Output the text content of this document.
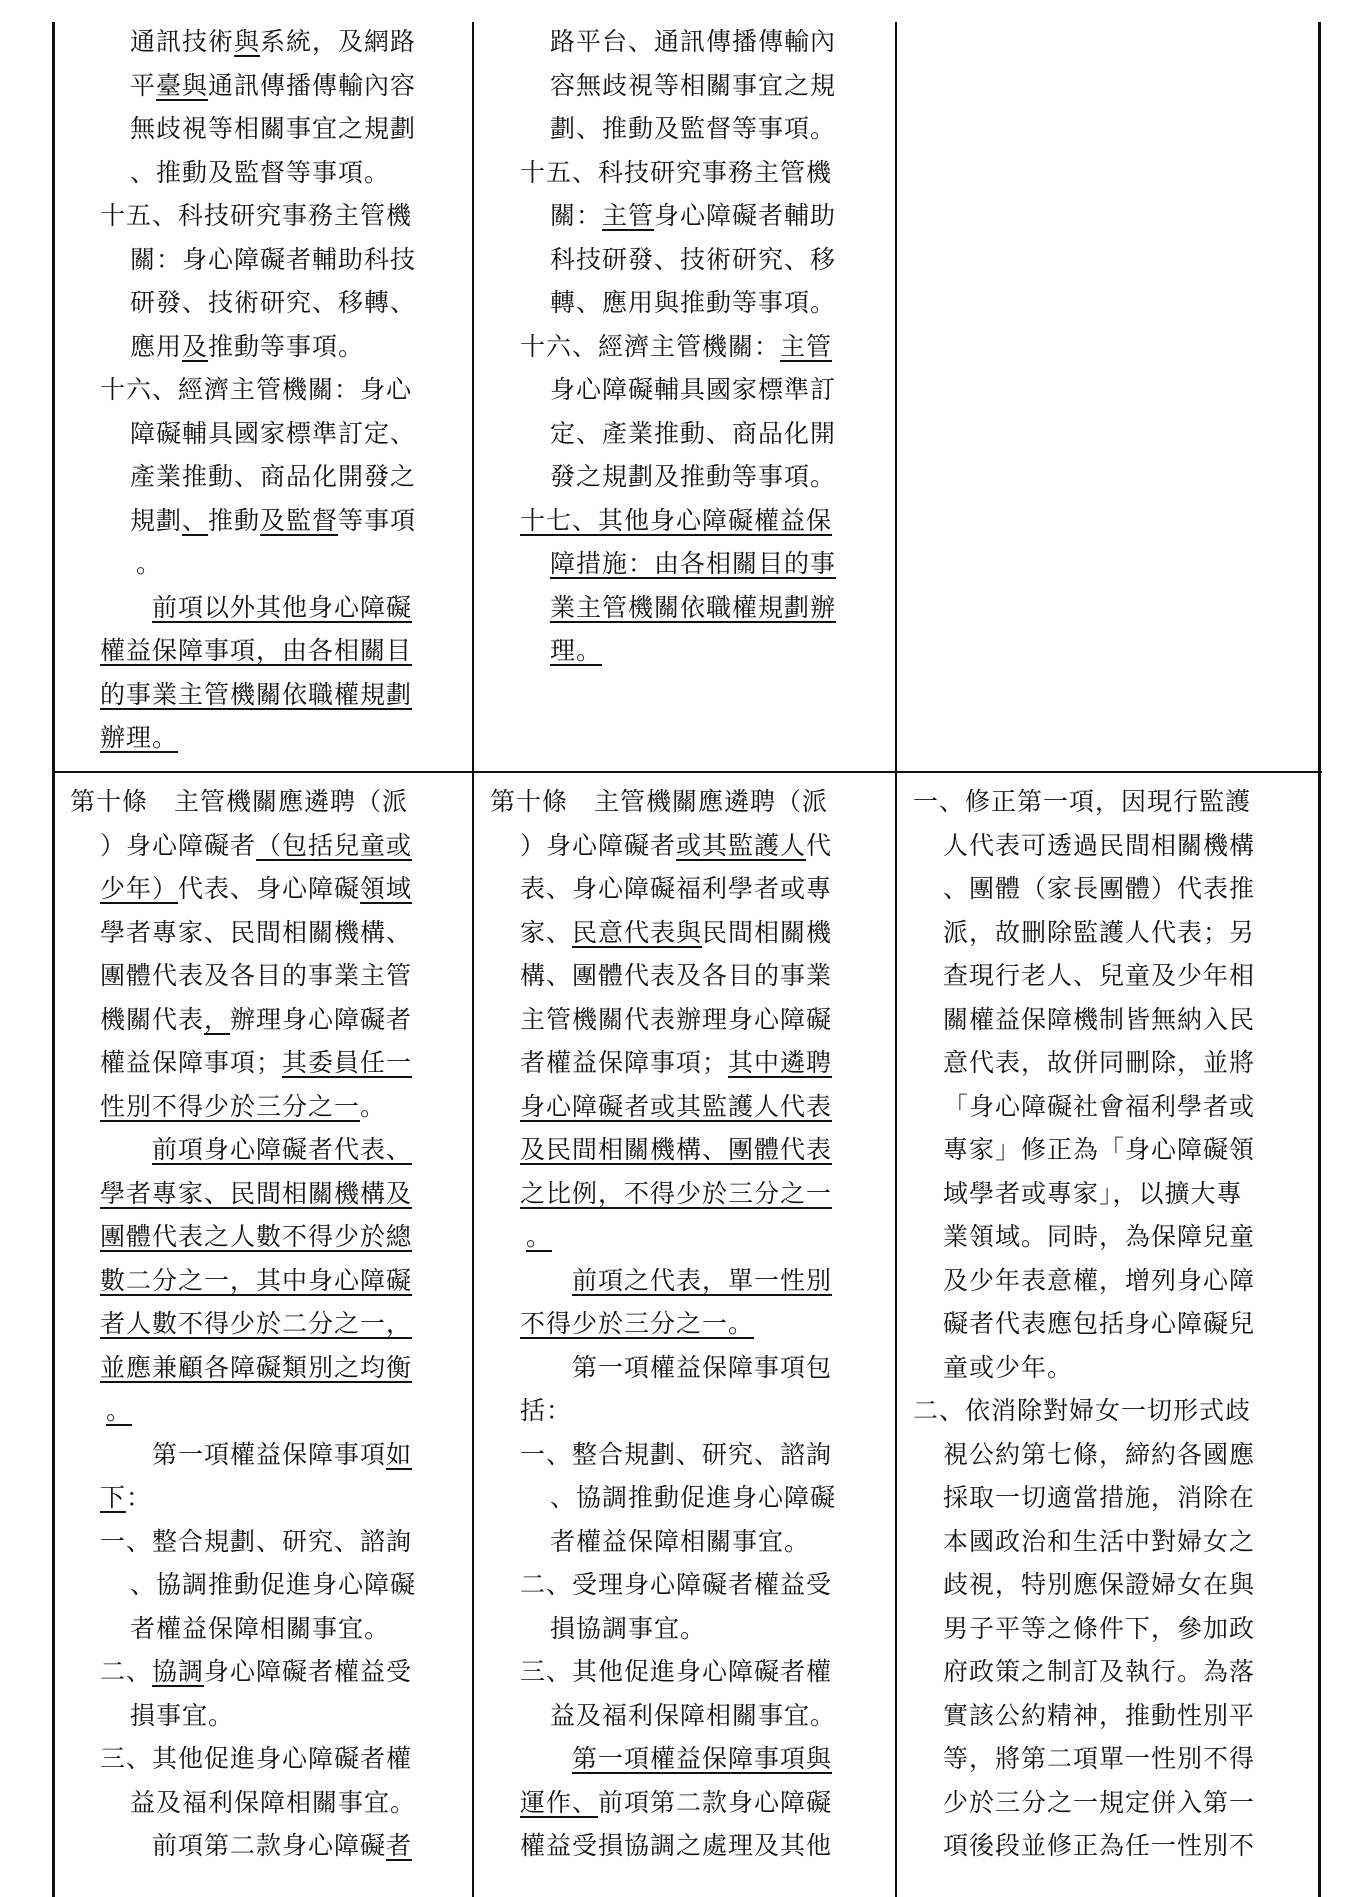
通訊技術與系統，及網路

平臺與通訊傳播傳輸內容

無歧視等相關事宜之規劃

、推動及監督等事項。

十五、科技研究事務主管機

關：身心障礙者輔助科技

研發、技術研究、移轉、

應用及推動等事項。

十六、經濟主管機關：身心

障礙輔具國家標準訂定、

產業推動、商品化開發之

規劃、推動及監督等事項

。

前項以外其他身心障礙

權益保障事項，由各相關目

的事業主管機關依職權規劃

辦理。

路平台、通訊傳播傳輸內

容無歧視等相關事宜之規

劃、推動及監督等事項。

十五、科技研究事務主管機

關：主管身心障礙者輔助

科技研發、技術研究、移

轉、應用與推動等事項。

十六、經濟主管機關：主管

身心障礙輔具國家標準訂

定、產業推動、商品化開

發之規劃及推動等事項。

十七、其他身心障礙權益保

障措施：由各相關目的事

業主管機關依職權規劃辦

理。

第十條　主管機關應遴聘（派

）身心障礙者（包括兒童或

少年）代表、身心障礙領域

學者專家、民間相關機構、

團體代表及各目的事業主管

機關代表，辦理身心障礙者

權益保障事項；其委員任一

性別不得少於三分之一。

前項身心障礙者代表、

學者專家、民間相關機構及

團體代表之人數不得少於總

數二分之一，其中身心障礙

者人數不得少於二分之一，

並應兼顧各障礙類別之均衡

。

第一項權益保障事項如

下：

一、整合規劃、研究、諮詢

、協調推動促進身心障礙

者權益保障相關事宜。

二、協調身心障礙者權益受

損事宜。

三、其他促進身心障礙者權

益及福利保障相關事宜。

前項第二款身心障礙者

第十條　主管機關應遴聘（派

）身心障礙者或其監護人代

表、身心障礙福利學者或專

家、民意代表與民間相關機

構、團體代表及各目的事業

主管機關代表辦理身心障礙

者權益保障事項；其中遴聘

身心障礙者或其監護人代表

及民間相關機構、團體代表

之比例，不得少於三分之一

。

前項之代表，單一性別

不得少於三分之一。

第一項權益保障事項包

括：

一、整合規劃、研究、諮詢

、協調推動促進身心障礙

者權益保障相關事宜。

二、受理身心障礙者權益受

損協調事宜。

三、其他促進身心障礙者權

益及福利保障相關事宜。

第一項權益保障事項與

運作、前項第二款身心障礙

權益受損協調之處理及其他

一、修正第一項，因現行監護

人代表可透過民間相關機構

、團體（家長團體）代表推

派，故刪除監護人代表；另

查現行老人、兒童及少年相

關權益保障機制皆無納入民

意代表，故併同刪除，並將

「身心障礙社會福利學者或

專家」修正為「身心障礙領

域學者或專家」，以擴大專

業領域。同時，為保障兒童

及少年表意權，增列身心障

礙者代表應包括身心障礙兒

童或少年。

二、依消除對婦女一切形式歧

視公約第七條，締約各國應

採取一切適當措施，消除在

本國政治和生活中對婦女之

歧視，特別應保證婦女在與

男子平等之條件下，參加政

府政策之制訂及執行。為落

實該公約精神，推動性別平

等，將第二項單一性別不得

少於三分之一規定併入第一

項後段並修正為任一性別不
